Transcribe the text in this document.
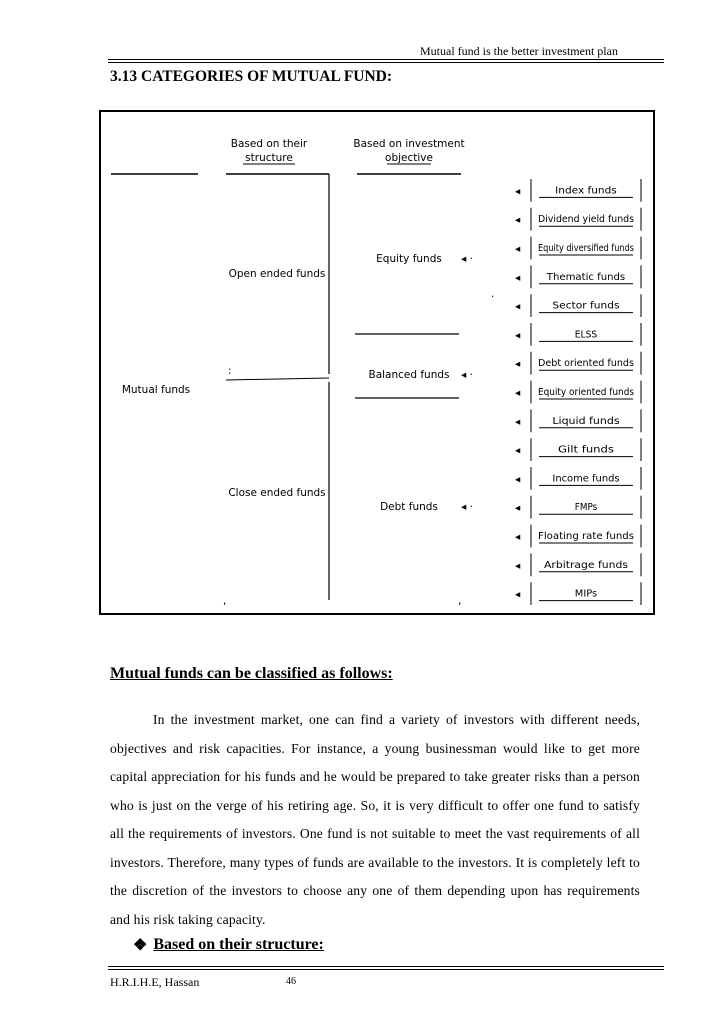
Mutual fund is the better investment plan
3.13 CATEGORIES OF MUTUAL FUND:
Based on their
structure
Based on investment
objective
Mutual funds
:
Open ended funds
Close ended funds
,
Equity funds
Balanced funds
Debt funds
◂ ·
◂ ·
◂ ·
·
,
◂	Index funds
◂ Dividend yield funds
◂ Equity diversified funds
◂	Thematic funds
◂	Sector funds
◂	ELSS
◂ Debt oriented funds
◂ Equity oriented funds
◂	Liquid funds
◂	Gilt funds
◂	Income funds
◂	FMPs
◂ Floating rate funds
◂ Arbitrage funds
◂	MIPs
Mutual funds can be classified as follows:
In the investment market, one can find a variety of investors with different needs, objectives and risk capacities. For instance, a young businessman would like to get more capital appreciation for his funds and he would be prepared to take greater risks than a person who is just on the verge of his retiring age. So, it is very difficult to offer one fund to satisfy all the requirements of investors. One fund is not suitable to meet the vast requirements of all investors. Therefore, many types of funds are available to the investors. It is completely left to the discretion of the investors to choose any one of them depending upon has requirements and his risk taking capacity.
❖ Based on their structure:
H.R.I.H.E, Hassan	46
